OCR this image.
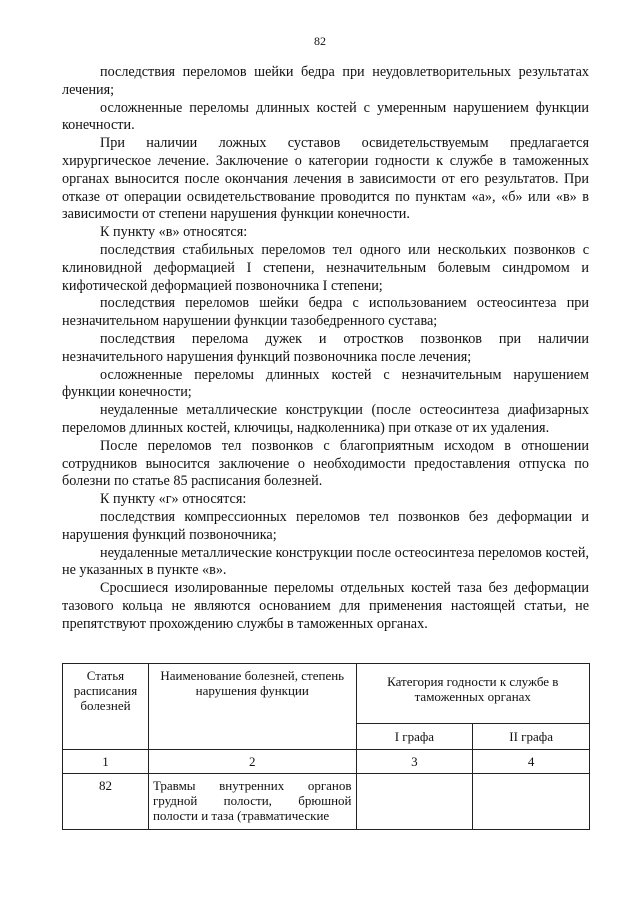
82

последствия переломов шейки бедра при неудовлетворительных результатах лечения;

осложненные переломы длинных костей с умеренным нарушением функции конечности.

При наличии ложных суставов освидетельствуемым предлагается хирургическое лечение. Заключение о категории годности к службе в таможенных органах выносится после окончания лечения в зависимости от его результатов. При отказе от операции освидетельствование проводится по пунктам «а», «б» или «в» в зависимости от степени нарушения функции конечности.

К пункту «в» относятся:

последствия стабильных переломов тел одного или нескольких позвонков с клиновидной деформацией I степени, незначительным болевым синдромом и кифотической деформацией позвоночника I степени;

последствия переломов шейки бедра с использованием остеосинтеза при незначительном нарушении функции тазобедренного сустава;

последствия перелома дужек и отростков позвонков при наличии незначительного нарушения функций позвоночника после лечения;

осложненные переломы длинных костей с незначительным нарушением функции конечности;

неудаленные металлические конструкции (после остеосинтеза диафизарных переломов длинных костей, ключицы, надколенника) при отказе от их удаления.

После переломов тел позвонков с благоприятным исходом в отношении сотрудников выносится заключение о необходимости предоставления отпуска по болезни по статье 85 расписания болезней.

К пункту «г» относятся:

последствия компрессионных переломов тел позвонков без деформации и нарушения функций позвоночника;

неудаленные металлические конструкции после остеосинтеза переломов костей, не указанных в пункте «в».

Сросшиеся изолированные переломы отдельных костей таза без деформации тазового кольца не являются основанием для применения настоящей статьи, не препятствуют прохождению службы в таможенных органах.

Статья расписания болезней	Наименование болезней, степень нарушения функции	Категория годности к службе в таможенных органах	
		I графа	II графа
1	2	3	4
82	Травмы внутренних органов грудной полости, брюшной полости и таза (травматические		
